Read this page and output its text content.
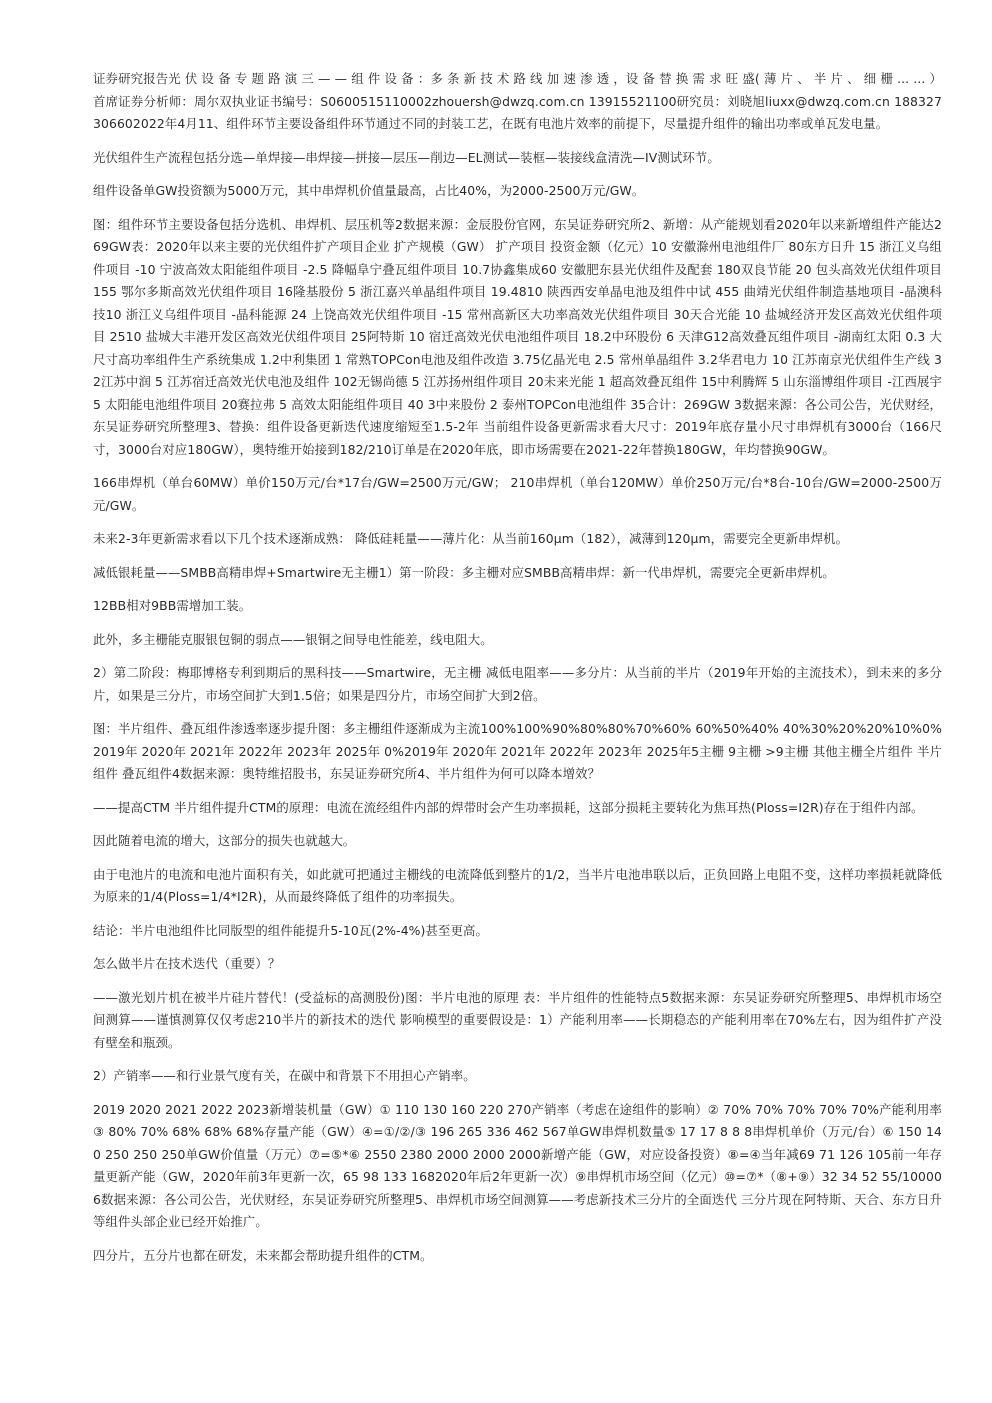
证券研究报告光 伏 设 备 专 题 路 演 三 — — 组 件 设 备 ：多 条 新 技 术 路 线 加 速 渗 透 ，设 备 替 换 需 求 旺 盛( 薄 片 、 半 片 、 细 栅 ... ... ）首席证券分析师：周尔双执业证书编号：S0600515110002zhouersh@dwzq.com.cn 13915521100研究员：刘晓旭liuxx@dwzq.com.cn 188327306602022年4月11、组件环节主要设备组件环节通过不同的封装工艺，在既有电池片效率的前提下，尽量提升组件的输出功率或单瓦发电量。

光伏组件生产流程包括分选—单焊接—串焊接—拼接—层压—削边—EL测试—装框—装接线盒清洗—IV测试环节。

组件设备单GW投资额为5000万元，其中串焊机价值量最高，占比40%，为2000-2500万元/GW。

图：组件环节主要设备包括分选机、串焊机、层压机等2数据来源：金辰股份官网，东吴证券研究所2、新增：从产能规划看2020年以来新增组件产能达269GW表：2020年以来主要的光伏组件扩产项目企业 扩产规模（GW） 扩产项目 投资金额（亿元）10 安徽滁州电池组件厂 80东方日升 15 浙江义乌组件项目 -10 宁波高效太阳能组件项目 -2.5 降幅阜宁叠瓦组件项目 10.7协鑫集成60 安徽肥东县光伏组件及配套 180双良节能 20 包头高效光伏组件项目 155 鄂尔多斯高效光伏组件项目 16隆基股份 5 浙江嘉兴单晶组件项目 19.4810 陕西西安单晶电池及组件中试 455 曲靖光伏组件制造基地项目 -晶澳科技10 浙江义乌组件项目 -晶科能源 24 上饶高效光伏组件项目 -15 常州高新区大功率高效光伏组件项目 30天合光能 10 盐城经济开发区高效光伏组件项目 2510 盐城大丰港开发区高效光伏组件项目 25阿特斯 10 宿迁高效光伏电池组件项目 18.2中环股份 6 天津G12高效叠瓦组件项目 -湖南红太阳 0.3 大尺寸高功率组件生产系统集成 1.2中利集团 1 常熟TOPCon电池及组件改造 3.75亿晶光电 2.5 常州单晶组件 3.2华君电力 10 江苏南京光伏组件生产线 32江苏中润 5 江苏宿迁高效光伏电池及组件 102无锡尚德 5 江苏扬州组件项目 20未来光能 1 超高效叠瓦组件 15中利腾辉 5 山东淄博组件项目 -江西展宇 5 太阳能电池组件项目 20赛拉弗 5 高效太阳能组件项目 40 3中来股份 2 泰州TOPCon电池组件 35合计：269GW 3数据来源：各公司公告，光伏财经，东吴证券研究所整理3、替换：组件设备更新迭代速度缩短至1.5-2年 当前组件设备更新需求看大尺寸：2019年底存量小尺寸串焊机有3000台（166尺寸，3000台对应180GW），奥特维开始接到182/210订单是在2020年底，即市场需要在2021-22年替换180GW，年均替换90GW。

166串焊机（单台60MW）单价150万元/台*17台/GW=2500万元/GW； 210串焊机（单台120MW）单价250万元/台*8台-10台/GW=2000-2500万元/GW。

未来2-3年更新需求看以下几个技术逐渐成熟： 降低硅耗量——薄片化：从当前160μm（182），减薄到120μm，需要完全更新串焊机。

减低银耗量——SMBB高精串焊+Smartwire无主栅1）第一阶段：多主栅对应SMBB高精串焊：新一代串焊机，需要完全更新串焊机。

12BB相对9BB需增加工装。

此外，多主栅能克服银包铜的弱点——银铜之间导电性能差，线电阻大。

2）第二阶段：梅耶博格专利到期后的黑科技——Smartwire，无主栅 减低电阻率——多分片：从当前的半片（2019年开始的主流技术），到未来的多分片，如果是三分片，市场空间扩大到1.5倍；如果是四分片，市场空间扩大到2倍。

图：半片组件、叠瓦组件渗透率逐步提升图：多主栅组件逐渐成为主流100%100%90%80%80%70%60% 60%50%40% 40%30%20%20%10%0%2019年 2020年 2021年 2022年 2023年 2025年 0%2019年 2020年 2021年 2022年 2023年 2025年5主栅 9主栅 >9主栅 其他主栅全片组件 半片组件 叠瓦组件4数据来源：奥特维招股书，东吴证券研究所4、半片组件为何可以降本增效？

——提高CTM 半片组件提升CTM的原理：电流在流经组件内部的焊带时会产生功率损耗，这部分损耗主要转化为焦耳热(Ploss=I2R)存在于组件内部。

因此随着电流的增大，这部分的损失也就越大。

由于电池片的电流和电池片面积有关，如此就可把通过主栅线的电流降低到整片的1/2，当半片电池串联以后，正负回路上电阻不变，这样功率损耗就降低为原来的1/4(Ploss=1/4*I2R)，从而最终降低了组件的功率损失。

结论：半片电池组件比同版型的组件能提升5-10瓦(2%-4%)甚至更高。

怎么做半片在技术迭代（重要）？

——激光划片机在被半片硅片替代！(受益标的高测股份)图：半片电池的原理 表：半片组件的性能特点5数据来源：东吴证券研究所整理5、串焊机市场空间测算——谨慎测算仅仅考虑210半片的新技术的迭代 影响模型的重要假设是：1）产能利用率——长期稳态的产能利用率在70%左右，因为组件扩产没有壁垒和瓶颈。

2）产销率——和行业景气度有关，在碳中和背景下不用担心产销率。

2019 2020 2021 2022 2023新增装机量（GW）① 110 130 160 220 270产销率（考虑在途组件的影响）② 70% 70% 70% 70% 70%产能利用率③ 80% 70% 68% 68% 68%存量产能（GW）④=①/②/③ 196 265 336 462 567单GW串焊机数量⑤ 17 17 8 8 8串焊机单价（万元/台）⑥ 150 140 250 250 250单GW价值量（万元）⑦=⑤*⑥ 2550 2380 2000 2000 2000新增产能（GW，对应设备投资）⑧=④当年减69 71 126 105前一年存量更新产能（GW，2020年前3年更新一次，65 98 133 1682020年后2年更新一次）⑨串焊机市场空间（亿元）⑩=⑦*（⑧+⑨）32 34 52 55/100006数据来源：各公司公告，光伏财经，东吴证券研究所整理5、串焊机市场空间测算——考虑新技术三分片的全面迭代 三分片现在阿特斯、天合、东方日升等组件头部企业已经开始推广。

四分片，五分片也都在研发，未来都会帮助提升组件的CTM。
